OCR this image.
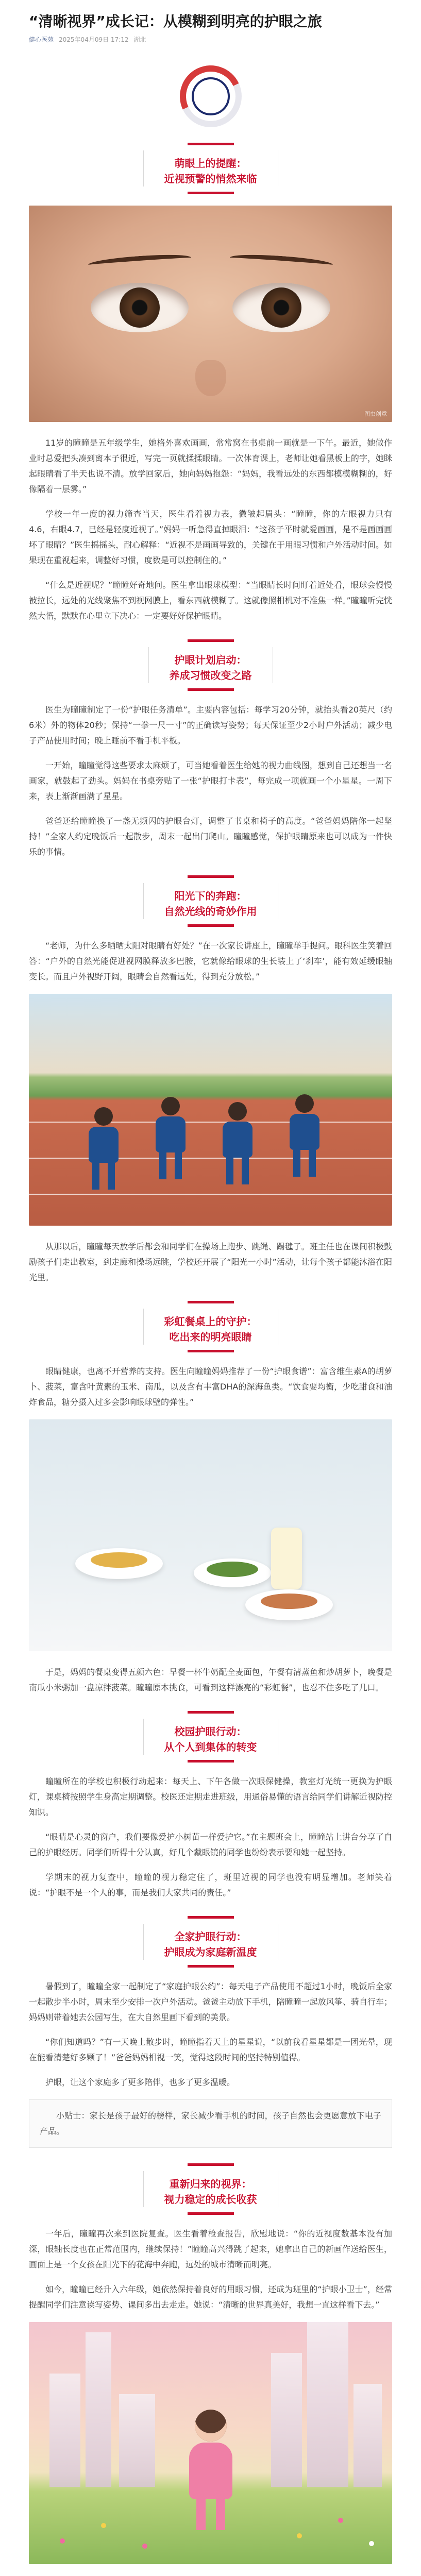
“清晰视界”成长记：从模糊到明亮的护眼之旅
健心医苑 2025年04月09日 17:12 湖北
萌眼上的提醒：
近视预警的悄然来临
图虫创意

11岁的瞳瞳是五年级学生，她格外喜欢画画，常常窝在书桌前一画就是一下午。最近，她做作业时总爱把头凑到离本子很近，写完一页就揉揉眼睛。一次体育课上，老师让她看黑板上的字，她眯起眼睛看了半天也说不清。放学回家后，她向妈妈抱怨：“妈妈，我看远处的东西都模模糊糊的，好像隔着一层雾。”

学校一年一度的视力筛查当天，医生看着视力表，微皱起眉头：“瞳瞳，你的左眼视力只有4.6，右眼4.7，已经是轻度近视了。”妈妈一听急得直掉眼泪：“这孩子平时就爱画画，是不是画画画坏了眼睛？”医生摇摇头，耐心解释：“近视不是画画导致的，关键在于用眼习惯和户外活动时间。如果现在重视起来，调整好习惯，度数是可以控制住的。”

“什么是近视呢？”瞳瞳好奇地问。医生拿出眼球模型：“当眼睛长时间盯着近处看，眼球会慢慢被拉长，远处的光线聚焦不到视网膜上，看东西就模糊了。这就像照相机对不准焦一样。”瞳瞳听完恍然大悟，默默在心里立下决心：一定要好好保护眼睛。

护眼计划启动：
养成习惯改变之路

医生为瞳瞳制定了一份“护眼任务清单”。主要内容包括：每学习20分钟，就抬头看20英尺（约6米）外的物体20秒；保持“一拳一尺一寸”的正确读写姿势；每天保证至少2小时户外活动；减少电子产品使用时间；晚上睡前不看手机平板。

一开始，瞳瞳觉得这些要求太麻烦了，可当她看着医生给她的视力曲线图，想到自己还想当一名画家，就鼓起了劲头。妈妈在书桌旁贴了一张“护眼打卡表”，每完成一项就画一个小星星。一周下来，表上渐渐画满了星星。

爸爸还给瞳瞳换了一盏无频闪的护眼台灯，调整了书桌和椅子的高度。“爸爸妈妈陪你一起坚持！”全家人约定晚饭后一起散步，周末一起出门爬山。瞳瞳感觉，保护眼睛原来也可以成为一件快乐的事情。

阳光下的奔跑：
自然光线的奇妙作用

“老师，为什么多晒晒太阳对眼睛有好处？”在一次家长讲座上，瞳瞳举手提问。眼科医生笑着回答：“户外的自然光能促进视网膜释放多巴胺，它就像给眼球的生长装上了‘刹车’，能有效延缓眼轴变长。而且户外视野开阔，眼睛会自然看远处，得到充分放松。”

从那以后，瞳瞳每天放学后都会和同学们在操场上跑步、跳绳、踢毽子。班主任也在课间积极鼓励孩子们走出教室，到走廊和操场远眺，学校还开展了“阳光一小时”活动，让每个孩子都能沐浴在阳光里。

彩虹餐桌上的守护：
吃出来的明亮眼睛

眼睛健康，也离不开营养的支持。医生向瞳瞳妈妈推荐了一份“护眼食谱”：富含维生素A的胡萝卜、菠菜，富含叶黄素的玉米、南瓜，以及含有丰富DHA的深海鱼类。“饮食要均衡，少吃甜食和油炸食品，糖分摄入过多会影响眼球壁的弹性。”

于是，妈妈的餐桌变得五颜六色：早餐一杯牛奶配全麦面包，午餐有清蒸鱼和炒胡萝卜，晚餐是南瓜小米粥加一盘凉拌菠菜。瞳瞳原本挑食，可看到这样漂亮的“彩虹餐”，也忍不住多吃了几口。

校园护眼行动：
从个人到集体的转变

瞳瞳所在的学校也积极行动起来：每天上、下午各做一次眼保健操，教室灯光统一更换为护眼灯，课桌椅按照学生身高定期调整。校医还定期走进班级，用通俗易懂的语言给同学们讲解近视防控知识。

“眼睛是心灵的窗户，我们要像爱护小树苗一样爱护它。”在主题班会上，瞳瞳站上讲台分享了自己的护眼经历。同学们听得十分认真，好几个戴眼镜的同学也纷纷表示要和她一起坚持。

学期末的视力复查中，瞳瞳的视力稳定住了，班里近视的同学也没有明显增加。老师笑着说：“护眼不是一个人的事，而是我们大家共同的责任。”

全家护眼行动：
护眼成为家庭新温度

暑假到了，瞳瞳全家一起制定了“家庭护眼公约”：每天电子产品使用不超过1小时，晚饭后全家一起散步半小时，周末至少安排一次户外活动。爸爸主动放下手机，陪瞳瞳一起放风筝、骑自行车；妈妈则带着她去公园写生，在大自然里画下看到的美景。

“你们知道吗？”有一天晚上散步时，瞳瞳指着天上的星星说，“以前我看星星都是一团光晕，现在能看清楚好多颗了！”爸爸妈妈相视一笑，觉得这段时间的坚持特别值得。

护眼，让这个家庭多了更多陪伴，也多了更多温暖。

小贴士：家长是孩子最好的榜样，家长减少看手机的时间，孩子自然也会更愿意放下电子产品。

重新归来的视界：
视力稳定的成长收获

一年后，瞳瞳再次来到医院复查。医生看着检查报告，欣慰地说：“你的近视度数基本没有加深，眼轴长度也在正常范围内，继续保持！”瞳瞳高兴得跳了起来，她拿出自己的新画作送给医生，画面上是一个女孩在阳光下的花海中奔跑，远处的城市清晰而明亮。

如今，瞳瞳已经升入六年级，她依然保持着良好的用眼习惯，还成为班里的“护眼小卫士”，经常提醒同学们注意读写姿势、课间多出去走走。她说：“清晰的世界真美好，我想一直这样看下去。”
